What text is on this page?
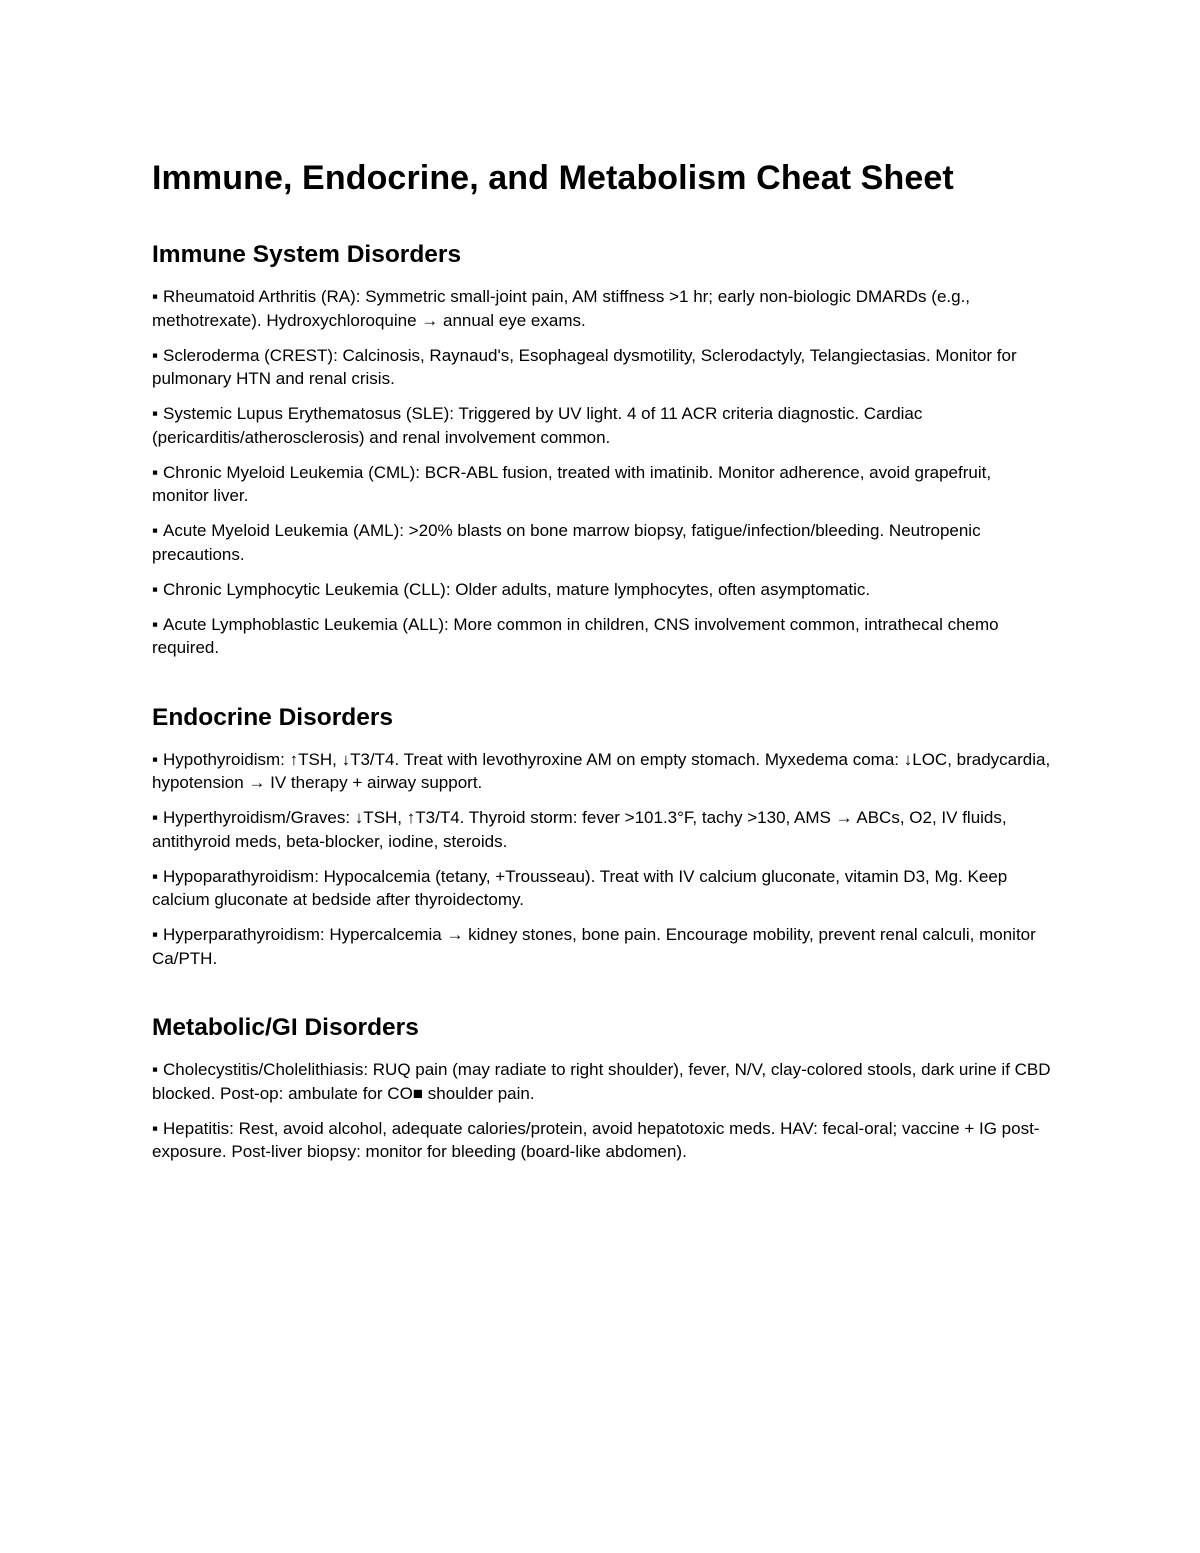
Immune, Endocrine, and Metabolism Cheat Sheet
Immune System Disorders

▪ Rheumatoid Arthritis (RA): Symmetric small-joint pain, AM stiffness >1 hr; early non-biologic DMARDs (e.g., methotrexate). Hydroxychloroquine → annual eye exams.

▪ Scleroderma (CREST): Calcinosis, Raynaud's, Esophageal dysmotility, Sclerodactyly, Telangiectasias. Monitor for pulmonary HTN and renal crisis.

▪ Systemic Lupus Erythematosus (SLE): Triggered by UV light. 4 of 11 ACR criteria diagnostic. Cardiac (pericarditis/atherosclerosis) and renal involvement common.

▪ Chronic Myeloid Leukemia (CML): BCR-ABL fusion, treated with imatinib. Monitor adherence, avoid grapefruit, monitor liver.

▪ Acute Myeloid Leukemia (AML): >20% blasts on bone marrow biopsy, fatigue/infection/bleeding. Neutropenic precautions.

▪ Chronic Lymphocytic Leukemia (CLL): Older adults, mature lymphocytes, often asymptomatic.

▪ Acute Lymphoblastic Leukemia (ALL): More common in children, CNS involvement common, intrathecal chemo required.

Endocrine Disorders

▪ Hypothyroidism: ↑TSH, ↓T3/T4. Treat with levothyroxine AM on empty stomach. Myxedema coma: ↓LOC, bradycardia, hypotension → IV therapy + airway support.

▪ Hyperthyroidism/Graves: ↓TSH, ↑T3/T4. Thyroid storm: fever >101.3°F, tachy >130, AMS → ABCs, O2, IV fluids, antithyroid meds, beta-blocker, iodine, steroids.

▪ Hypoparathyroidism: Hypocalcemia (tetany, +Trousseau). Treat with IV calcium gluconate, vitamin D3, Mg. Keep calcium gluconate at bedside after thyroidectomy.

▪ Hyperparathyroidism: Hypercalcemia → kidney stones, bone pain. Encourage mobility, prevent renal calculi, monitor Ca/PTH.

Metabolic/GI Disorders

▪ Cholecystitis/Cholelithiasis: RUQ pain (may radiate to right shoulder), fever, N/V, clay-colored stools, dark urine if CBD blocked. Post-op: ambulate for CO■ shoulder pain.

▪ Hepatitis: Rest, avoid alcohol, adequate calories/protein, avoid hepatotoxic meds. HAV: fecal-oral; vaccine + IG post-exposure. Post-liver biopsy: monitor for bleeding (board-like abdomen).
